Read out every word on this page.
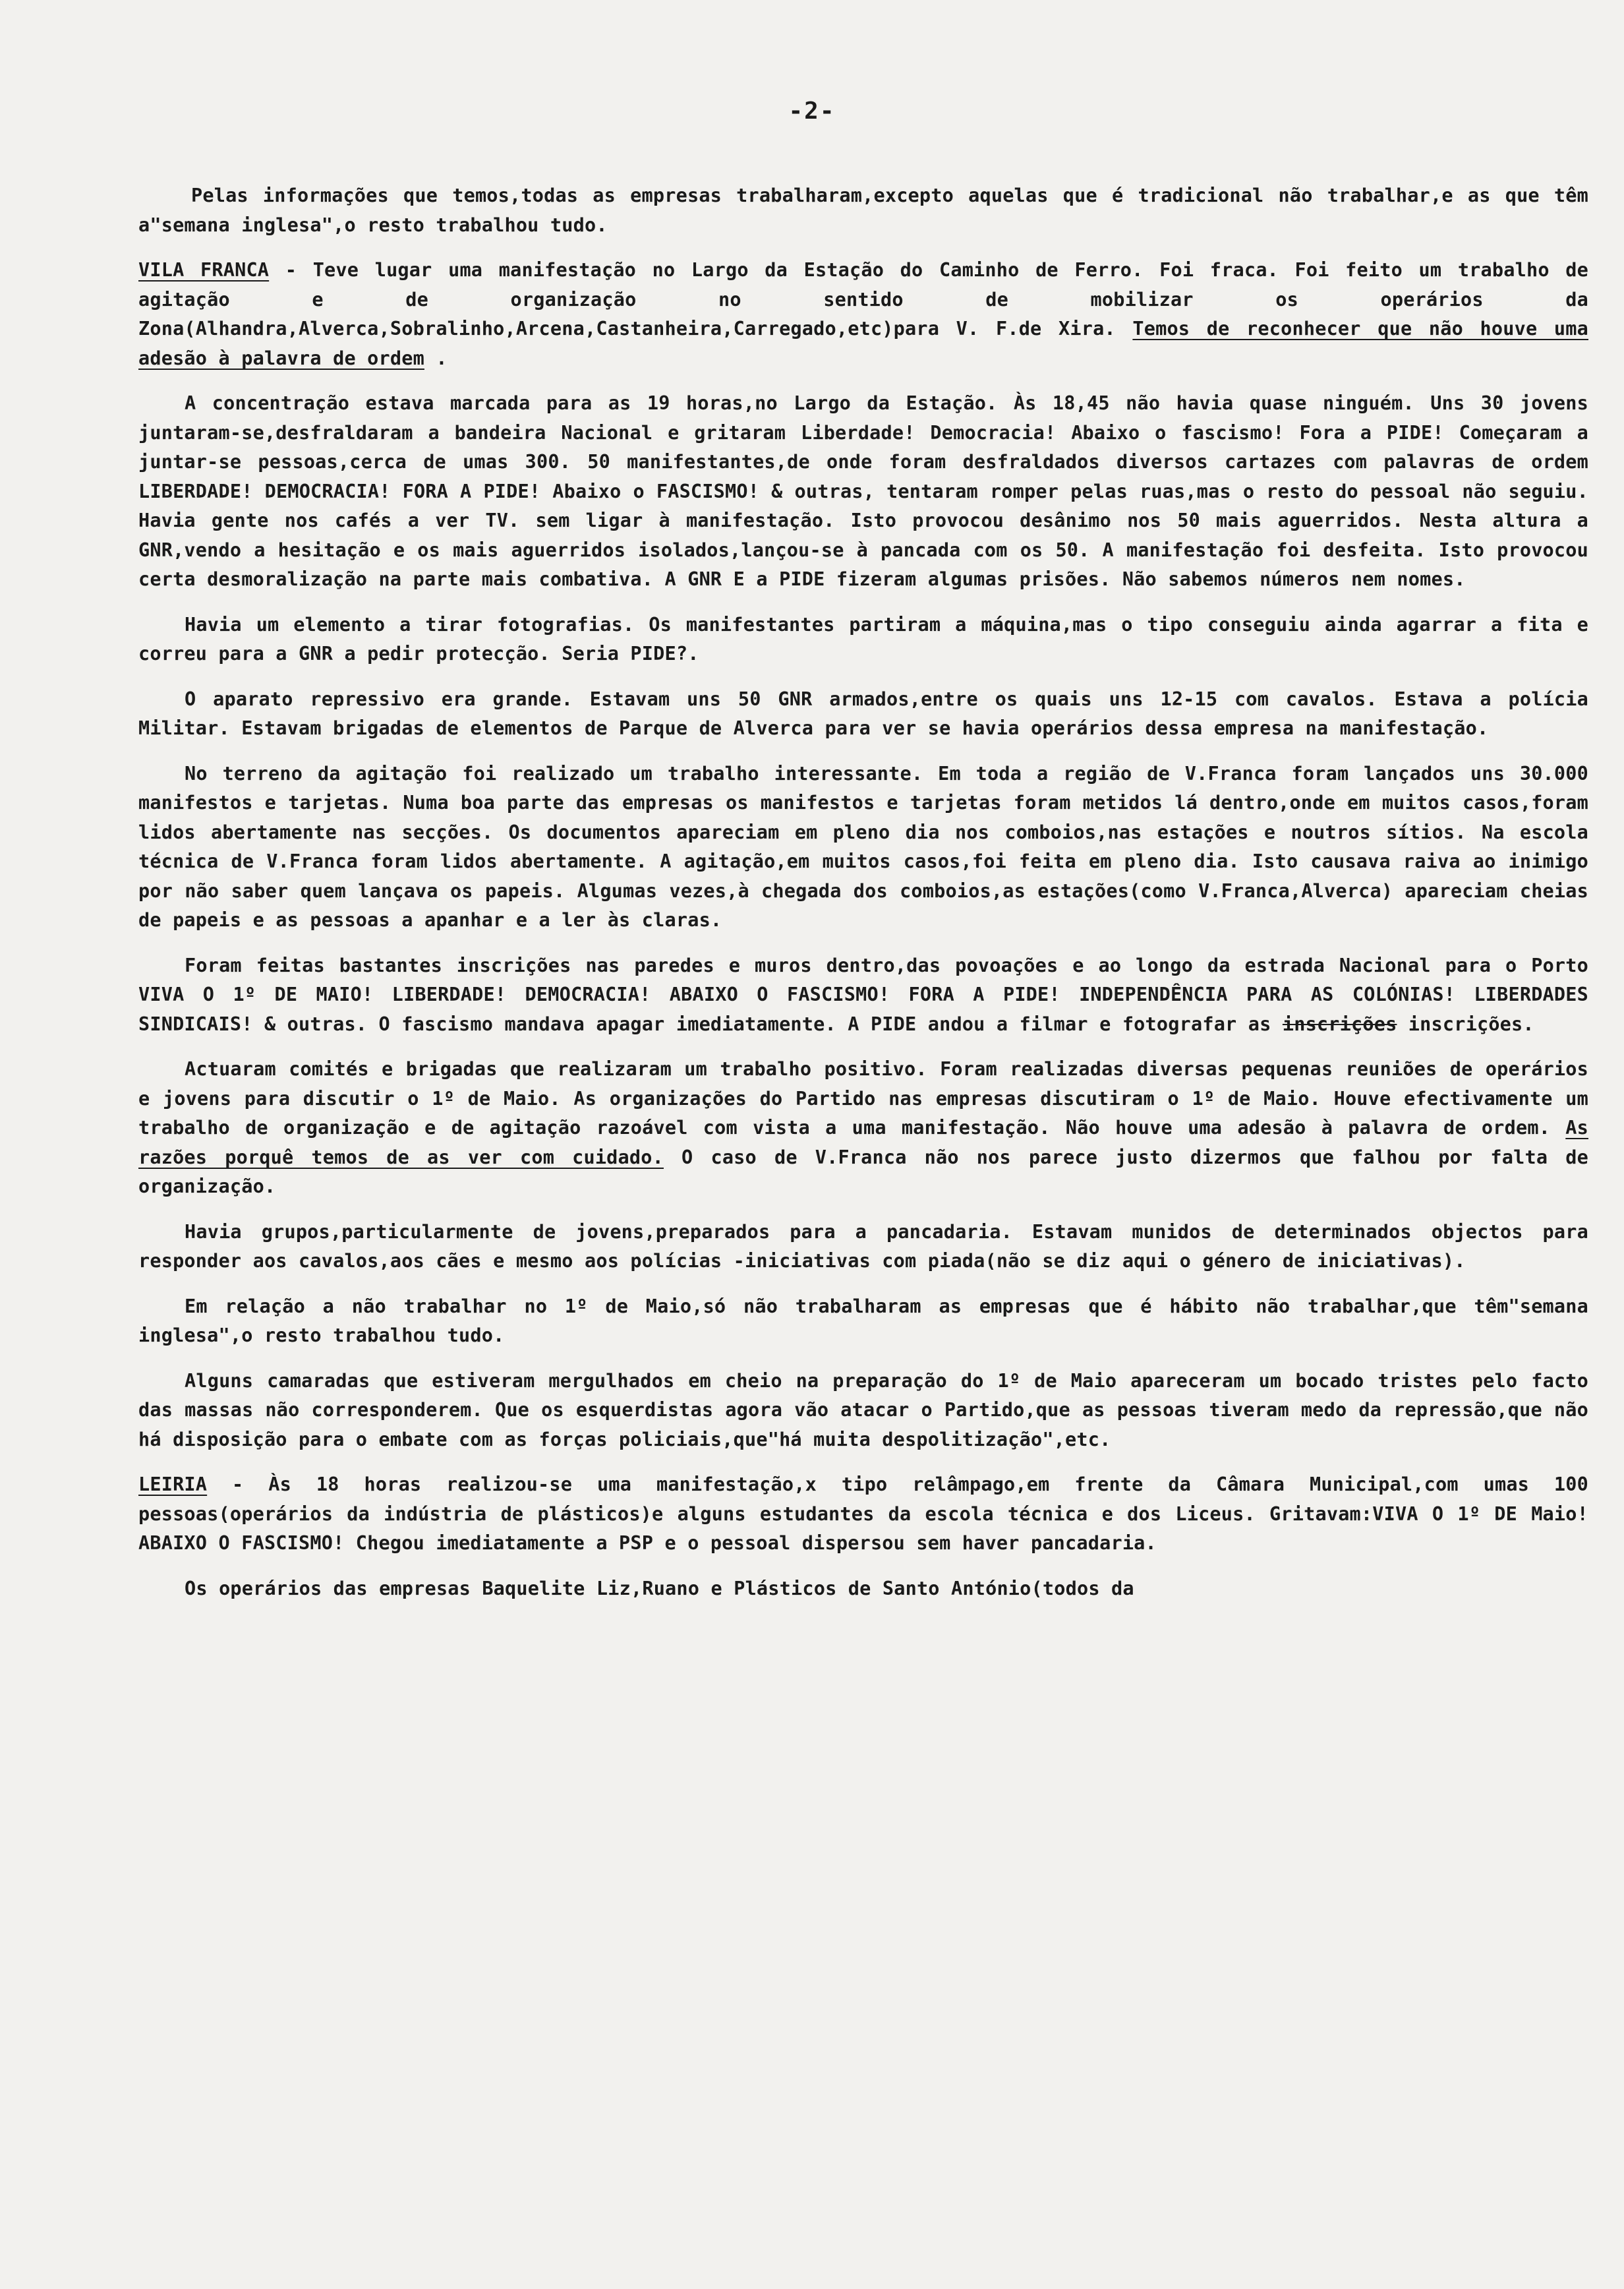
-2-

Pelas informações que temos,todas as empresas trabalharam,excepto aquelas que é tradicional não trabalhar,e as que têm a"semana inglesa",o resto trabalhou tudo.

VILA FRANCA - Teve lugar uma manifestação no Largo da Estação do Caminho de Ferro. Foi fraca. Foi feito um trabalho de agitação e de organização no sentido de mobilizar os operários da Zona(Alhandra,Alverca,Sobralinho,Arcena,Castanheira,Carregado,etc)para V. F.de Xira. Temos de reconhecer que não houve uma adesão à palavra de ordem .

A concentração estava marcada para as 19 horas,no Largo da Estação. Às 18,45 não havia quase ninguém. Uns 30 jovens juntaram-se,desfraldaram a bandeira Nacional e gritaram Liberdade! Democracia! Abaixo o fascismo! Fora a PIDE! Começaram a juntar-se pessoas,cerca de umas 300. 50 manifestantes,de onde foram desfraldados diversos cartazes com palavras de ordem LIBERDADE! DEMOCRACIA! FORA A PIDE! Abaixo o FASCISMO! & outras, tentaram romper pelas ruas,mas o resto do pessoal não seguiu. Havia gente nos cafés a ver TV. sem ligar à manifestação. Isto provocou desânimo nos 50 mais aguerridos. Nesta altura a GNR,vendo a hesitação e os mais aguerridos isolados,lançou-se à pancada com os 50. A manifestação foi desfeita. Isto provocou certa desmoralização na parte mais combativa. A GNR E a PIDE fizeram algumas prisões. Não sabemos números nem nomes.

Havia um elemento a tirar fotografias. Os manifestantes partiram a máquina,mas o tipo conseguiu ainda agarrar a fita e correu para a GNR a pedir protecção. Seria PIDE?.

O aparato repressivo era grande. Estavam uns 50 GNR armados,entre os quais uns 12-15 com cavalos. Estava a polícia Militar. Estavam brigadas de elementos de Parque de Alverca para ver se havia operários dessa empresa na manifestação.

No terreno da agitação foi realizado um trabalho interessante. Em toda a região de V.Franca foram lançados uns 30.000 manifestos e tarjetas. Numa boa parte das empresas os manifestos e tarjetas foram metidos lá dentro,onde em muitos casos,foram lidos abertamente nas secções. Os documentos apareciam em pleno dia nos comboios,nas estações e noutros sítios. Na escola técnica de V.Franca foram lidos abertamente. A agitação,em muitos casos,foi feita em pleno dia. Isto causava raiva ao inimigo por não saber quem lançava os papeis. Algumas vezes,à chegada dos comboios,as estações(como V.Franca,Alverca) apareciam cheias de papeis e as pessoas a apanhar e a ler às claras.

Foram feitas bastantes inscrições nas paredes e muros dentro,das povoações e ao longo da estrada Nacional para o Porto VIVA O 1º DE MAIO! LIBERDADE! DEMOCRACIA! ABAIXO O FASCISMO! FORA A PIDE! INDEPENDÊNCIA PARA AS COLÓNIAS! LIBERDADES SINDICAIS! & outras. O fascismo mandava apagar imediatamente. A PIDE andou a filmar e fotografar as inscrições inscrições.

Actuaram comités e brigadas que realizaram um trabalho positivo. Foram realizadas diversas pequenas reuniões de operários e jovens para discutir o 1º de Maio. As organizações do Partido nas empresas discutiram o 1º de Maio. Houve efectivamente um trabalho de organização e de agitação razoável com vista a uma manifestação. Não houve uma adesão à palavra de ordem. As razões porquê temos de as ver com cuidado. O caso de V.Franca não nos parece justo dizermos que falhou por falta de organização.

Havia grupos,particularmente de jovens,preparados para a pancadaria. Estavam munidos de determinados objectos para responder aos cavalos,aos cães e mesmo aos polícias -iniciativas com piada(não se diz aqui o género de iniciativas).

Em relação a não trabalhar no 1º de Maio,só não trabalharam as empresas que é hábito não trabalhar,que têm"semana inglesa",o resto trabalhou tudo.

Alguns camaradas que estiveram mergulhados em cheio na preparação do 1º de Maio apareceram um bocado tristes pelo facto das massas não corresponderem. Que os esquerdistas agora vão atacar o Partido,que as pessoas tiveram medo da repressão,que não há disposição para o embate com as forças policiais,que"há muita despolitização",etc.

LEIRIA - Às 18 horas realizou-se uma manifestação,x tipo relâmpago,em frente da Câmara Municipal,com umas 100 pessoas(operários da indústria de plásticos)e alguns estudantes da escola técnica e dos Liceus. Gritavam:VIVA O 1º DE Maio! ABAIXO O FASCISMO! Chegou imediatamente a PSP e o pessoal dispersou sem haver pancadaria.

Os operários das empresas Baquelite Liz,Ruano e Plásticos de Santo António(todos da
